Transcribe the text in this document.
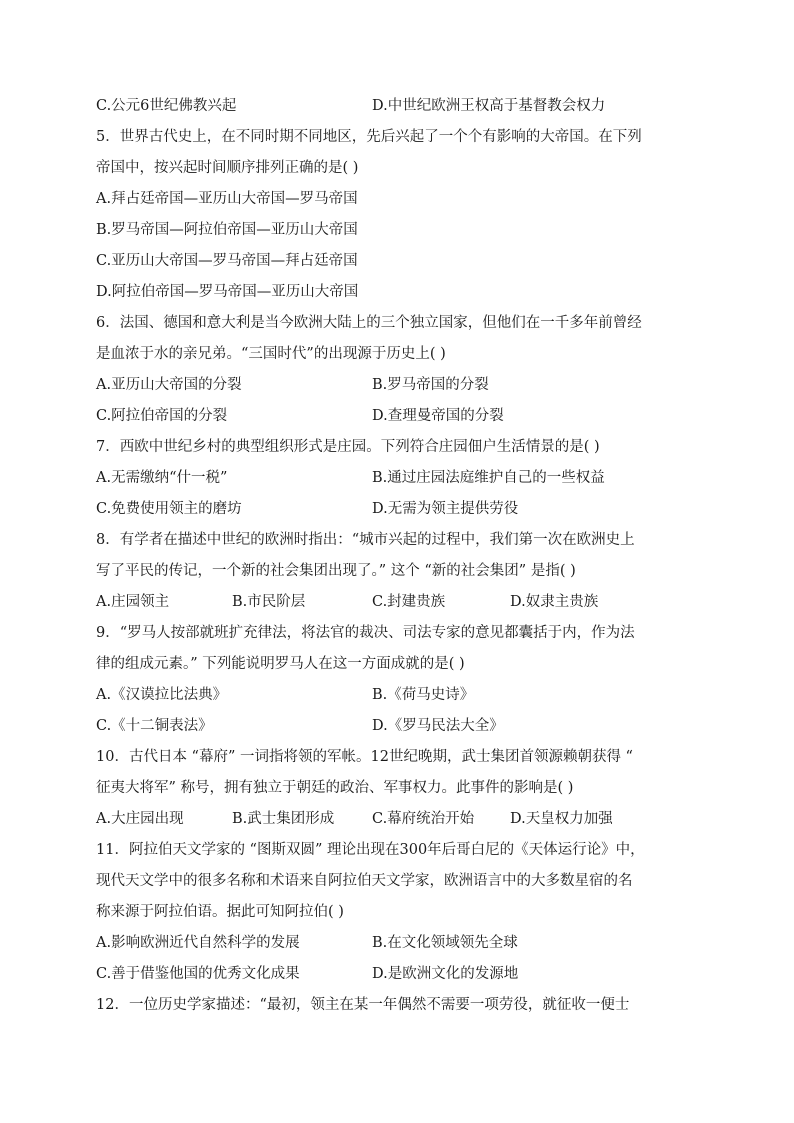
C.公元6世纪佛教兴起	D.中世纪欧洲王权高于基督教会权力
5．世界古代史上，在不同时期不同地区，先后兴起了一个个有影响的大帝国。在下列
帝国中，按兴起时间顺序排列正确的是( )
A.拜占廷帝国—亚历山大帝国—罗马帝国
B.罗马帝国—阿拉伯帝国—亚历山大帝国
C.亚历山大帝国—罗马帝国—拜占廷帝国
D.阿拉伯帝国—罗马帝国—亚历山大帝国
6．法国、德国和意大利是当今欧洲大陆上的三个独立国家，但他们在一千多年前曾经
是血浓于水的亲兄弟。“三国时代”的出现源于历史上( )
A.亚历山大帝国的分裂	B.罗马帝国的分裂
C.阿拉伯帝国的分裂	D.查理曼帝国的分裂
7．西欧中世纪乡村的典型组织形式是庄园。下列符合庄园佃户生活情景的是( )
A.无需缴纳“什一税”	B.通过庄园法庭维护自己的一些权益
C.免费使用领主的磨坊	D.无需为领主提供劳役
8．有学者在描述中世纪的欧洲时指出：“城市兴起的过程中，我们第一次在欧洲史上
写了平民的传记，一个新的社会集团出现了。” 这个 “新的社会集团” 是指( )
A.庄园领主	B.市民阶层	C.封建贵族	D.奴隶主贵族
9．“罗马人按部就班扩充律法，将法官的裁决、司法专家的意见都囊括于内，作为法
律的组成元素。” 下列能说明罗马人在这一方面成就的是( )
A.《汉谟拉比法典》	B.《荷马史诗》
C.《十二铜表法》	D.《罗马民法大全》
10．古代日本 “幕府” 一词指将领的军帐。12世纪晚期，武士集团首领源赖朝获得 “
征夷大将军” 称号，拥有独立于朝廷的政治、军事权力。此事件的影响是( )
A.大庄园出现	B.武士集团形成	C.幕府统治开始 D.天皇权力加强
11．阿拉伯天文学家的 “图斯双圆” 理论出现在300年后哥白尼的《天体运行论》中，
现代天文学中的很多名称和术语来自阿拉伯天文学家，欧洲语言中的大多数星宿的名
称来源于阿拉伯语。据此可知阿拉伯( )
A.影响欧洲近代自然科学的发展	B.在文化领域领先全球
C.善于借鉴他国的优秀文化成果	D.是欧洲文化的发源地
12．一位历史学家描述：“最初，领主在某一年偶然不需要一项劳役，就征收一便士
